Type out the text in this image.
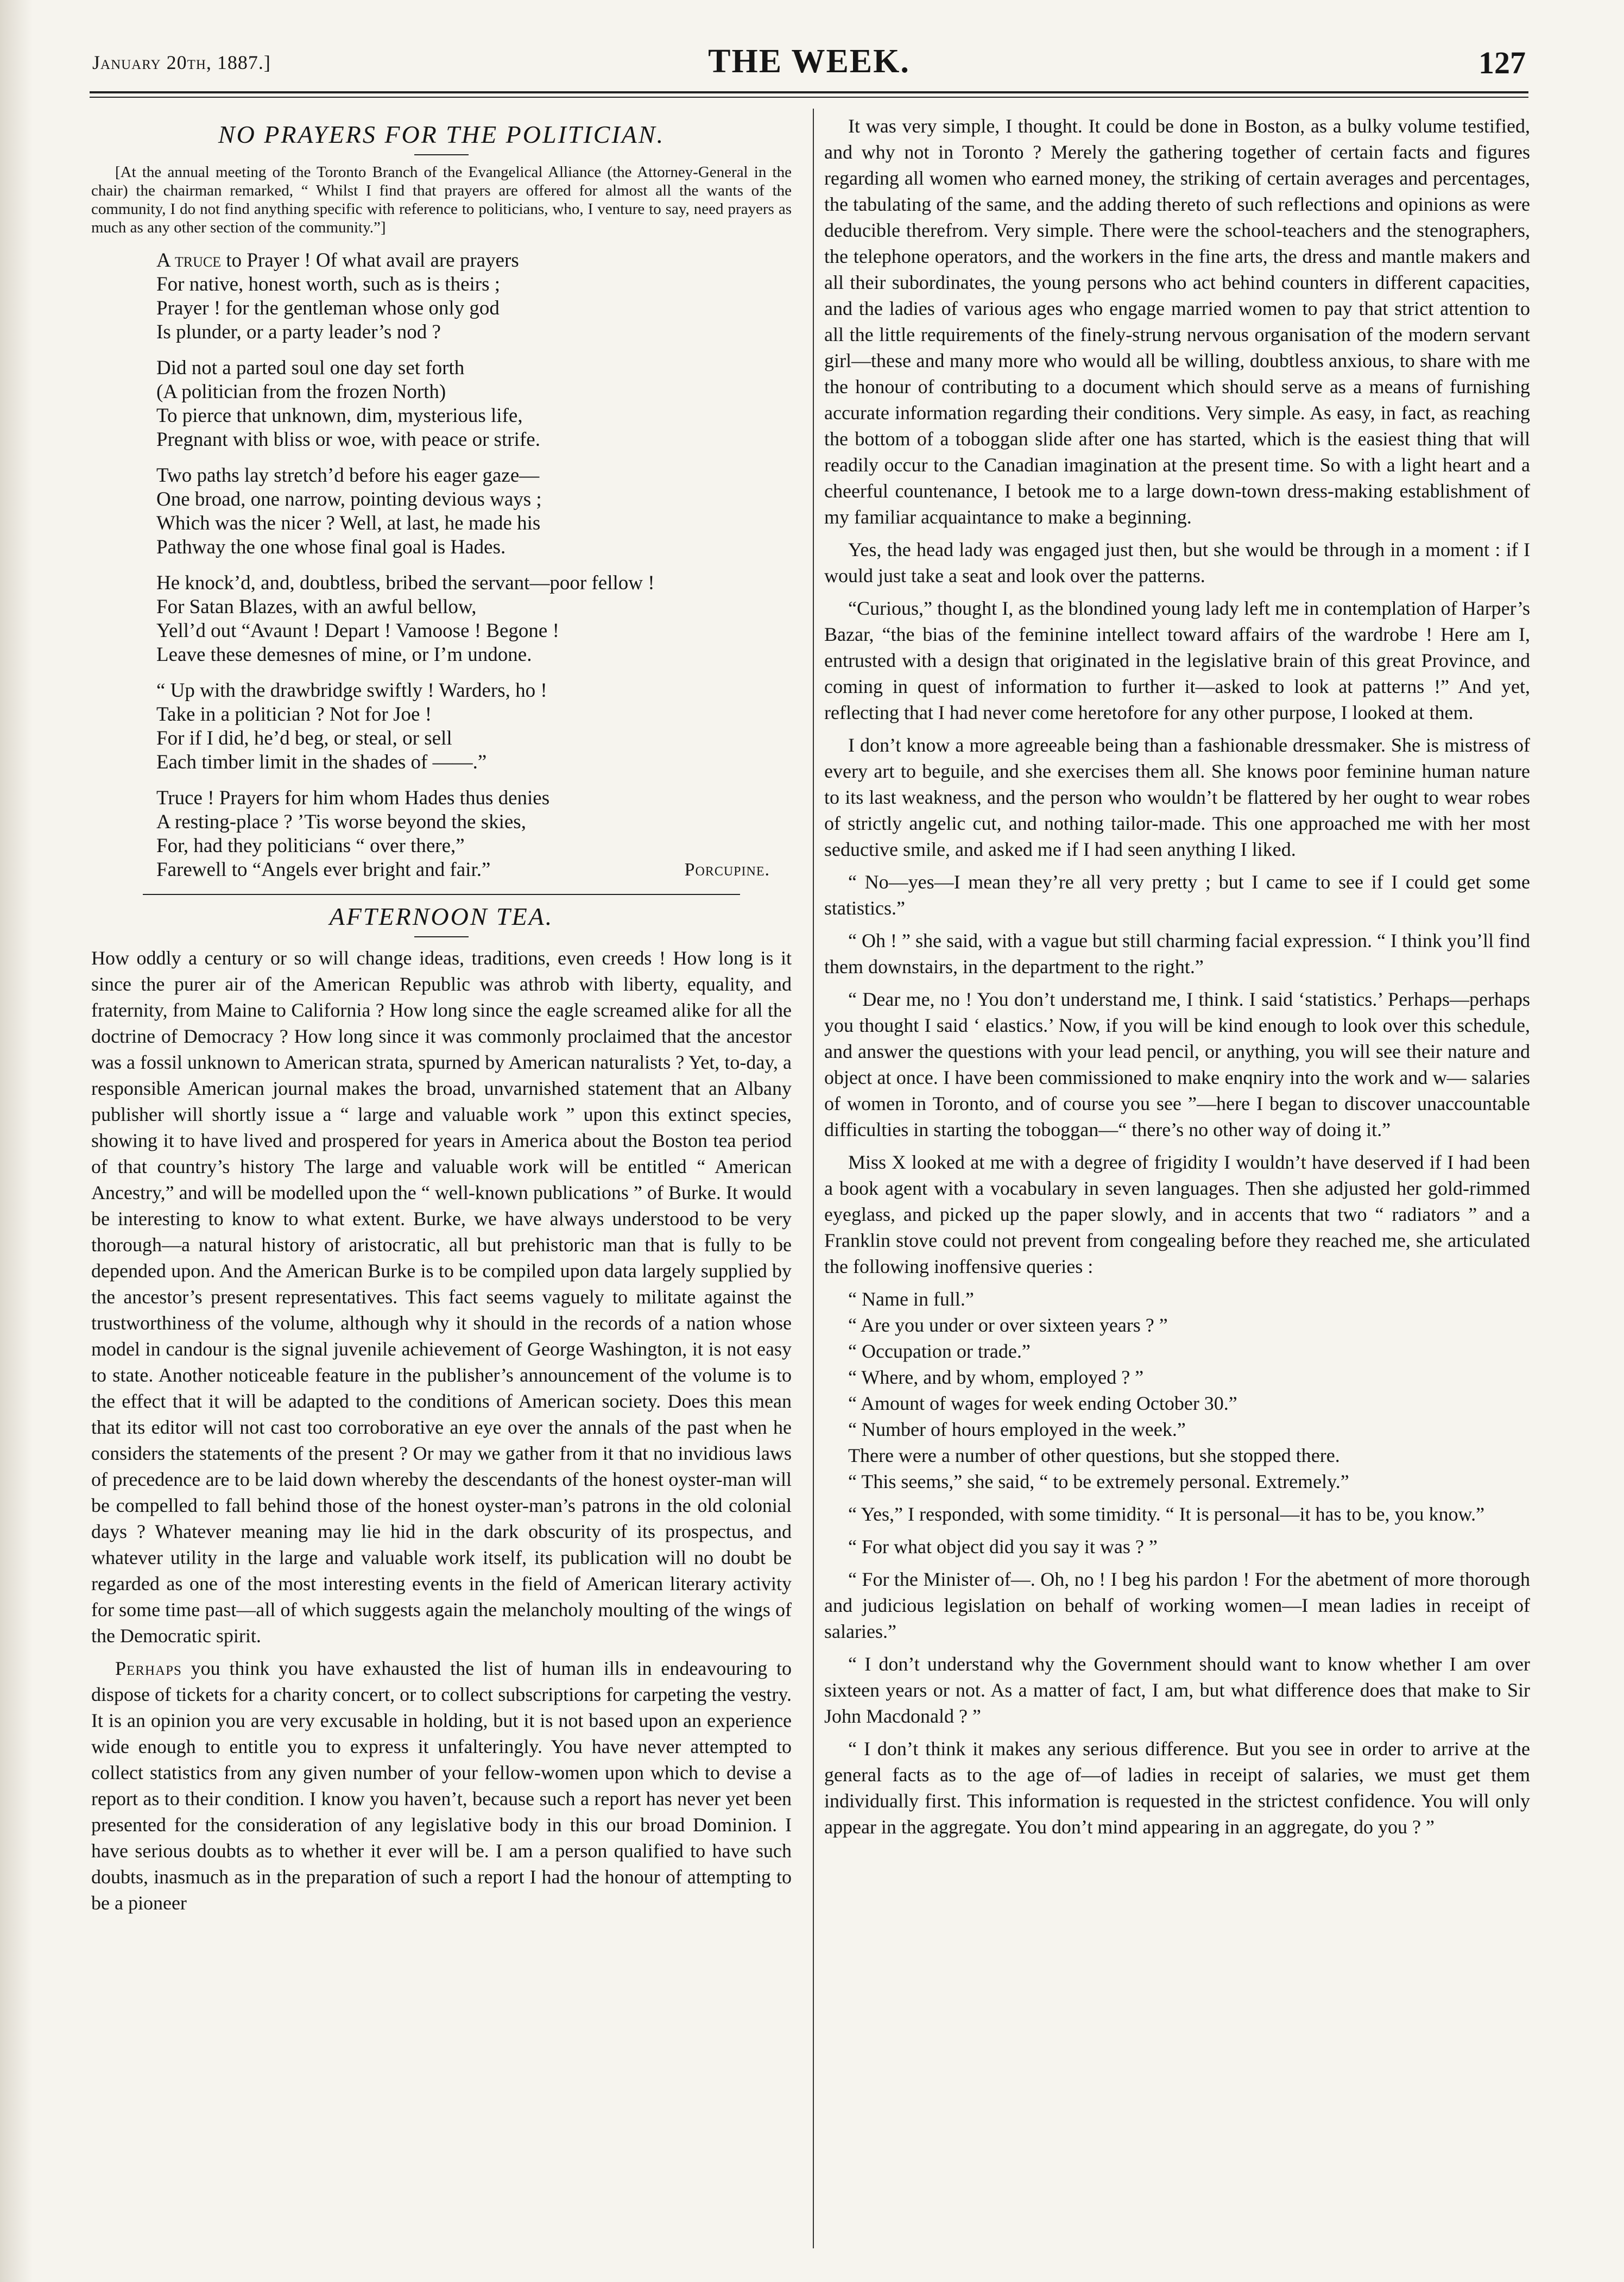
January 20th, 1887.]	THE WEEK.	127
NO PRAYERS FOR THE POLITICIAN.

[At the annual meeting of the Toronto Branch of the Evangelical Alliance (the Attorney-General in the chair) the chairman remarked, “ Whilst I find that prayers are offered for almost all the wants of the community, I do not find anything specific with reference to politicians, who, I venture to say, need prayers as much as any other section of the community.”]

A truce to Prayer ! Of what avail are prayers
For native, honest worth, such as is theirs ;
Prayer ! for the gentleman whose only god
Is plunder, or a party leader’s nod ?
Did not a parted soul one day set forth
(A politician from the frozen North)
To pierce that unknown, dim, mysterious life,
Pregnant with bliss or woe, with peace or strife.
Two paths lay stretch’d before his eager gaze—
One broad, one narrow, pointing devious ways ;
Which was the nicer ? Well, at last, he made his
Pathway the one whose final goal is Hades.
He knock’d, and, doubtless, bribed the servant—poor fellow !
For Satan Blazes, with an awful bellow,
Yell’d out “Avaunt ! Depart ! Vamoose ! Begone !
Leave these demesnes of mine, or I’m undone.
“ Up with the drawbridge swiftly ! Warders, ho !
Take in a politician ? Not for Joe !
For if I did, he’d beg, or steal, or sell
Each timber limit in the shades of ——.”
Truce ! Prayers for him whom Hades thus denies
A resting-place ? ’Tis worse beyond the skies,
For, had they politicians “ over there,”
Farewell to “Angels ever bright and fair.”	Porcupine.
AFTERNOON TEA.

How oddly a century or so will change ideas, traditions, even creeds ! How long is it since the purer air of the American Republic was athrob with liberty, equality, and fraternity, from Maine to California ? How long since the eagle screamed alike for all the doctrine of Democracy ? How long since it was commonly proclaimed that the ancestor was a fossil unknown to American strata, spurned by American naturalists ? Yet, to-day, a responsible American journal makes the broad, unvarnished statement that an Albany publisher will shortly issue a “ large and valuable work ” upon this extinct species, showing it to have lived and prospered for years in America about the Boston tea period of that country’s history The large and valuable work will be entitled “ American Ancestry,” and will be modelled upon the “ well-known publications ” of Burke. It would be interesting to know to what extent. Burke, we have always understood to be very thorough—a natural history of aristocratic, all but prehistoric man that is fully to be depended upon. And the American Burke is to be compiled upon data largely supplied by the ancestor’s present representatives. This fact seems vaguely to militate against the trustworthiness of the volume, although why it should in the records of a nation whose model in candour is the signal juvenile achievement of George Washington, it is not easy to state. Another noticeable feature in the publisher’s announcement of the volume is to the effect that it will be adapted to the conditions of American society. Does this mean that its editor will not cast too corroborative an eye over the annals of the past when he considers the statements of the present ? Or may we gather from it that no invidious laws of precedence are to be laid down whereby the descendants of the honest oyster-man will be compelled to fall behind those of the honest oyster-man’s patrons in the old colonial days ? Whatever meaning may lie hid in the dark obscurity of its prospectus, and whatever utility in the large and valuable work itself, its publication will no doubt be regarded as one of the most interesting events in the field of American literary activity for some time past—all of which suggests again the melancholy moulting of the wings of the Democratic spirit.

Perhaps you think you have exhausted the list of human ills in endeavouring to dispose of tickets for a charity concert, or to collect subscriptions for carpeting the vestry. It is an opinion you are very excusable in holding, but it is not based upon an experience wide enough to entitle you to express it unfalteringly. You have never attempted to collect statistics from any given number of your fellow-women upon which to devise a report as to their condition. I know you haven’t, because such a report has never yet been presented for the consideration of any legislative body in this our broad Dominion. I have serious doubts as to whether it ever will be. I am a person qualified to have such doubts, inasmuch as in the preparation of such a report I had the honour of attempting to be a pioneer

It was very simple, I thought. It could be done in Boston, as a bulky volume testified, and why not in Toronto ? Merely the gathering together of certain facts and figures regarding all women who earned money, the striking of certain averages and percentages, the tabulating of the same, and the adding thereto of such reflections and opinions as were deducible therefrom. Very simple. There were the school-teachers and the stenographers, the telephone operators, and the workers in the fine arts, the dress and mantle makers and all their subordinates, the young persons who act behind counters in different capacities, and the ladies of various ages who engage married women to pay that strict attention to all the little requirements of the finely-strung nervous organisation of the modern servant girl—these and many more who would all be willing, doubtless anxious, to share with me the honour of contributing to a document which should serve as a means of furnishing accurate information regarding their conditions. Very simple. As easy, in fact, as reaching the bottom of a toboggan slide after one has started, which is the easiest thing that will readily occur to the Canadian imagination at the present time. So with a light heart and a cheerful countenance, I betook me to a large down-town dress-making establishment of my familiar acquaintance to make a beginning.

Yes, the head lady was engaged just then, but she would be through in a moment : if I would just take a seat and look over the patterns.

“Curious,” thought I, as the blondined young lady left me in contemplation of Harper’s Bazar, “the bias of the feminine intellect toward affairs of the wardrobe ! Here am I, entrusted with a design that originated in the legislative brain of this great Province, and coming in quest of information to further it—asked to look at patterns !” And yet, reflecting that I had never come heretofore for any other purpose, I looked at them.

I don’t know a more agreeable being than a fashionable dressmaker. She is mistress of every art to beguile, and she exercises them all. She knows poor feminine human nature to its last weakness, and the person who wouldn’t be flattered by her ought to wear robes of strictly angelic cut, and nothing tailor-made. This one approached me with her most seductive smile, and asked me if I had seen anything I liked.

“ No—yes—I mean they’re all very pretty ; but I came to see if I could get some statistics.”

“ Oh ! ” she said, with a vague but still charming facial expression. “ I think you’ll find them downstairs, in the department to the right.”

“ Dear me, no ! You don’t understand me, I think. I said ‘statistics.’ Perhaps—perhaps you thought I said ‘ elastics.’ Now, if you will be kind enough to look over this schedule, and answer the questions with your lead pencil, or anything, you will see their nature and object at once. I have been commissioned to make enqniry into the work and w— salaries of women in Toronto, and of course you see ”—here I began to discover unaccountable difficulties in starting the toboggan—“ there’s no other way of doing it.”

Miss X looked at me with a degree of frigidity I wouldn’t have deserved if I had been a book agent with a vocabulary in seven languages. Then she adjusted her gold-rimmed eyeglass, and picked up the paper slowly, and in accents that two “ radiators ” and a Franklin stove could not prevent from congealing before they reached me, she articulated the following inoffensive queries :

“ Name in full.”

“ Are you under or over sixteen years ? ”

“ Occupation or trade.”

“ Where, and by whom, employed ? ”

“ Amount of wages for week ending October 30.”

“ Number of hours employed in the week.”

There were a number of other questions, but she stopped there.

“ This seems,” she said, “ to be extremely personal. Extremely.”

“ Yes,” I responded, with some timidity. “ It is personal—it has to be, you know.”

“ For what object did you say it was ? ”

“ For the Minister of—. Oh, no ! I beg his pardon ! For the abetment of more thorough and judicious legislation on behalf of working women—I mean ladies in receipt of salaries.”

“ I don’t understand why the Government should want to know whether I am over sixteen years or not. As a matter of fact, I am, but what difference does that make to Sir John Macdonald ? ”

“ I don’t think it makes any serious difference. But you see in order to arrive at the general facts as to the age of—of ladies in receipt of salaries, we must get them individually first. This information is requested in the strictest confidence. You will only appear in the aggregate. You don’t mind appearing in an aggregate, do you ? ”
